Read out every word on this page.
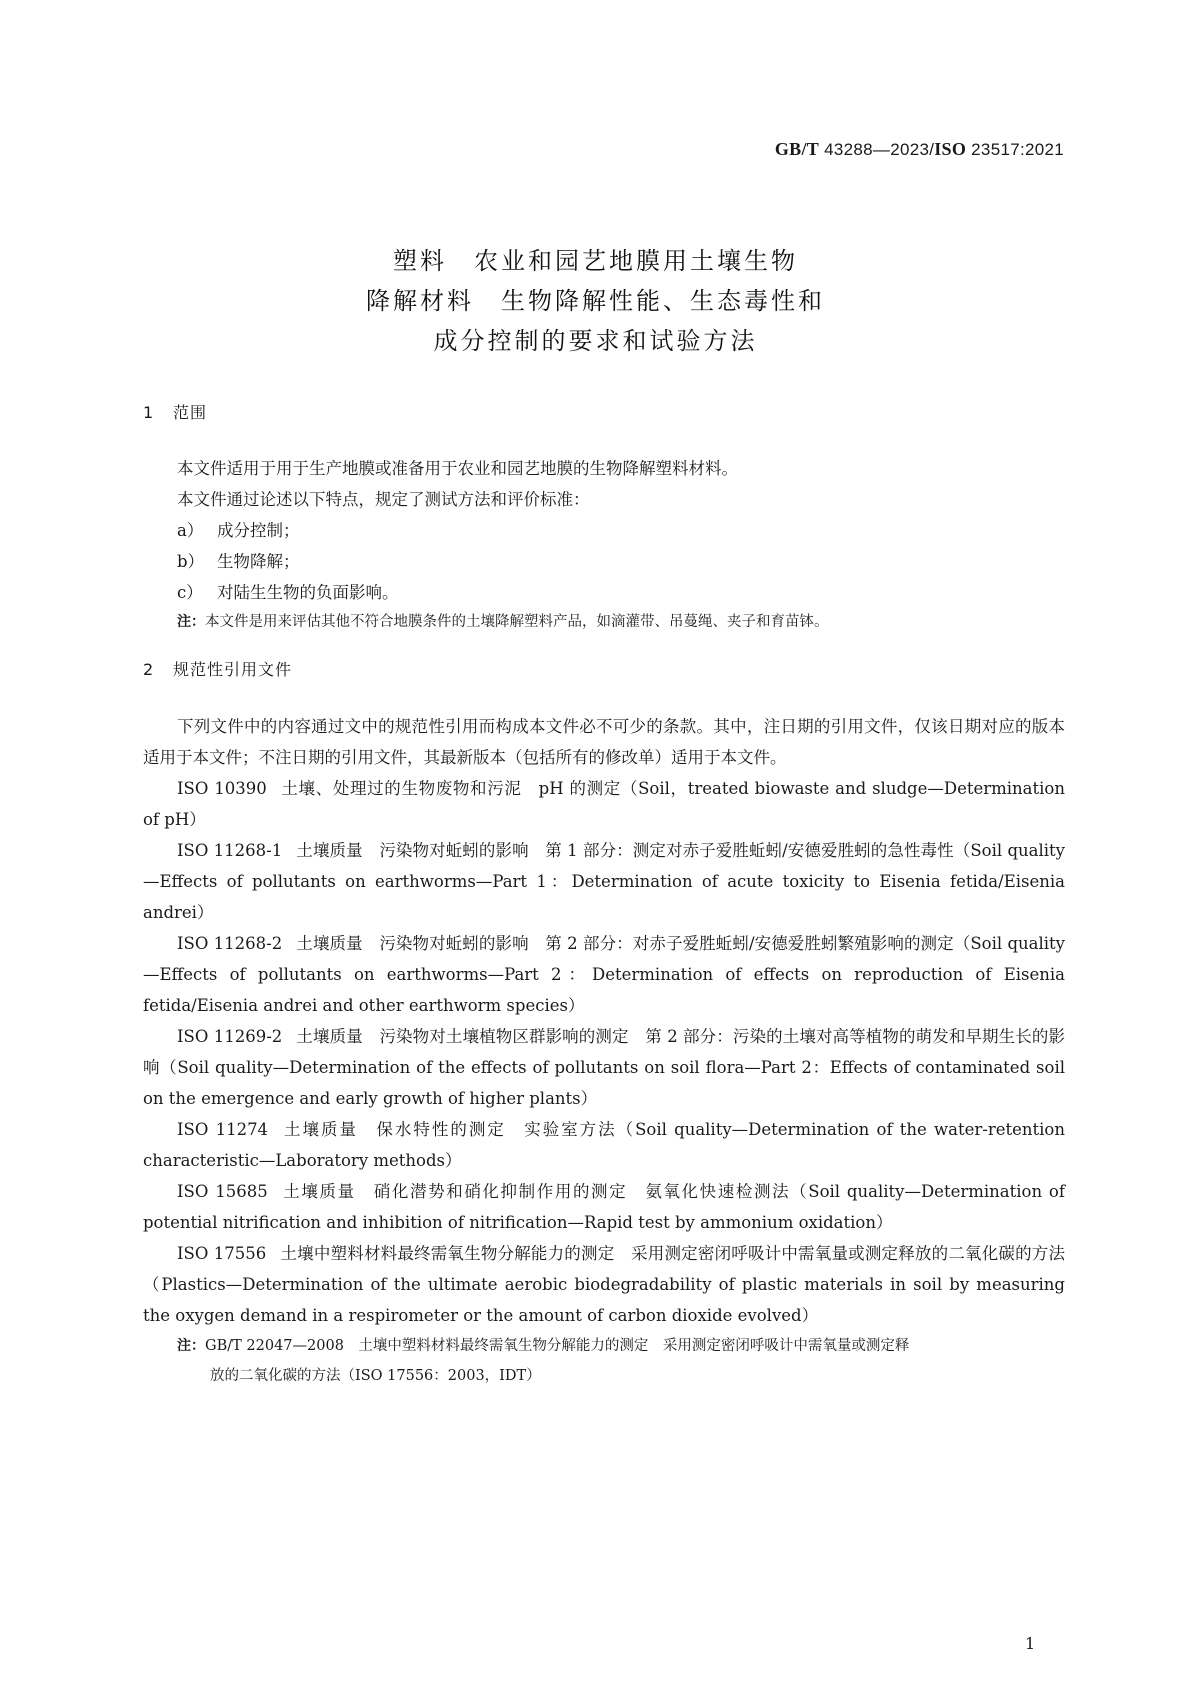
GB/T 43288—2023/ISO 23517:2021
塑料　农业和园艺地膜用土壤生物
降解材料　生物降解性能、生态毒性和
成分控制的要求和试验方法
1 范围
本文件适用于用于生产地膜或准备用于农业和园艺地膜的生物降解塑料材料。
本文件通过论述以下特点，规定了测试方法和评价标准：
a） 成分控制；
b） 生物降解；
c） 对陆生生物的负面影响。
注：本文件是用来评估其他不符合地膜条件的土壤降解塑料产品，如滴灌带、吊蔓绳、夹子和育苗钵。
2 规范性引用文件
下列文件中的内容通过文中的规范性引用而构成本文件必不可少的条款。其中，注日期的引用文件，仅该日期对应的版本适用于本文件；不注日期的引用文件，其最新版本（包括所有的修改单）适用于本文件。
ISO 10390 土壤、处理过的生物废物和污泥　pH 的测定（Soil，treated biowaste and sludge—Determination of pH）
ISO 11268-1 土壤质量　污染物对蚯蚓的影响　第 1 部分：测定对赤子爱胜蚯蚓/安德爱胜蚓的急性毒性（Soil quality—Effects of pollutants on earthworms—Part 1：Determination of acute toxicity to Eisenia fetida/Eisenia andrei）
ISO 11268-2 土壤质量　污染物对蚯蚓的影响　第 2 部分：对赤子爱胜蚯蚓/安德爱胜蚓繁殖影响的测定（Soil quality—Effects of pollutants on earthworms—Part 2：Determination of effects on reproduction of Eisenia fetida/Eisenia andrei and other earthworm species）
ISO 11269-2 土壤质量　污染物对土壤植物区群影响的测定　第 2 部分：污染的土壤对高等植物的萌发和早期生长的影响（Soil quality—Determination of the effects of pollutants on soil flora—Part 2：Effects of contaminated soil on the emergence and early growth of higher plants）
ISO 11274 土壤质量　保水特性的测定　实验室方法（Soil quality—Determination of the water-retention characteristic—Laboratory methods）
ISO 15685 土壤质量　硝化潜势和硝化抑制作用的测定　氨氧化快速检测法（Soil quality—Determination of potential nitrification and inhibition of nitrification—Rapid test by ammonium oxidation）
ISO 17556 土壤中塑料材料最终需氧生物分解能力的测定　采用测定密闭呼吸计中需氧量或测定释放的二氧化碳的方法（Plastics—Determination of the ultimate aerobic biodegradability of plastic materials in soil by measuring the oxygen demand in a respirometer or the amount of carbon dioxide evolved）
注：GB/T 22047—2008　土壤中塑料材料最终需氧生物分解能力的测定　采用测定密闭呼吸计中需氧量或测定释
放的二氧化碳的方法（ISO 17556：2003，IDT）
1
